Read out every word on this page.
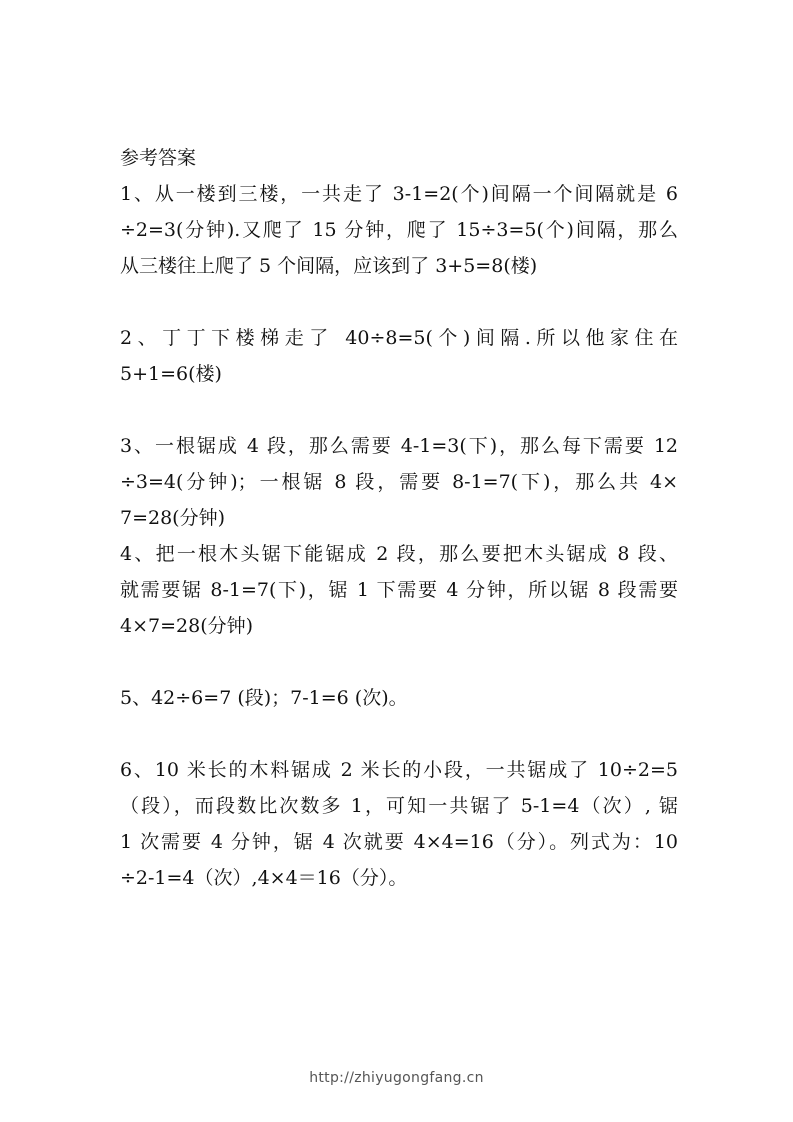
参考答案

1、从一楼到三楼，一共走了 3-1=2(个)间隔一个间隔就是 6
÷2=3(分钟).又爬了 15 分钟，爬了 15÷3=5(个)间隔，那么
从三楼往上爬了 5 个间隔，应该到了 3+5=8(楼)
2、丁丁下楼梯走了 40÷8=5(个)间隔.所以他家住在
5+1=6(楼)
3、一根锯成 4 段，那么需要 4-1=3(下)，那么每下需要 12
÷3=4(分钟)；一根锯 8 段，需要 8-1=7(下)，那么共 4×
7=28(分钟)
4、把一根木头锯下能锯成 2 段，那么要把木头锯成 8 段、
就需要锯 8-1=7(下)，锯 1 下需要 4 分钟，所以锯 8 段需要
4×7=28(分钟)
5、42÷6=7 (段)；7-1=6 (次)。
6、10 米长的木料锯成 2 米长的小段，一共锯成了 10÷2=5
（段），而段数比次数多 1，可知一共锯了 5-1=4（次）, 锯
1 次需要 4 分钟，锯 4 次就要 4×4=16（分）。列式为：10
÷2-1=4（次）,4×4＝16（分）。
http://zhiyugongfang.cn
